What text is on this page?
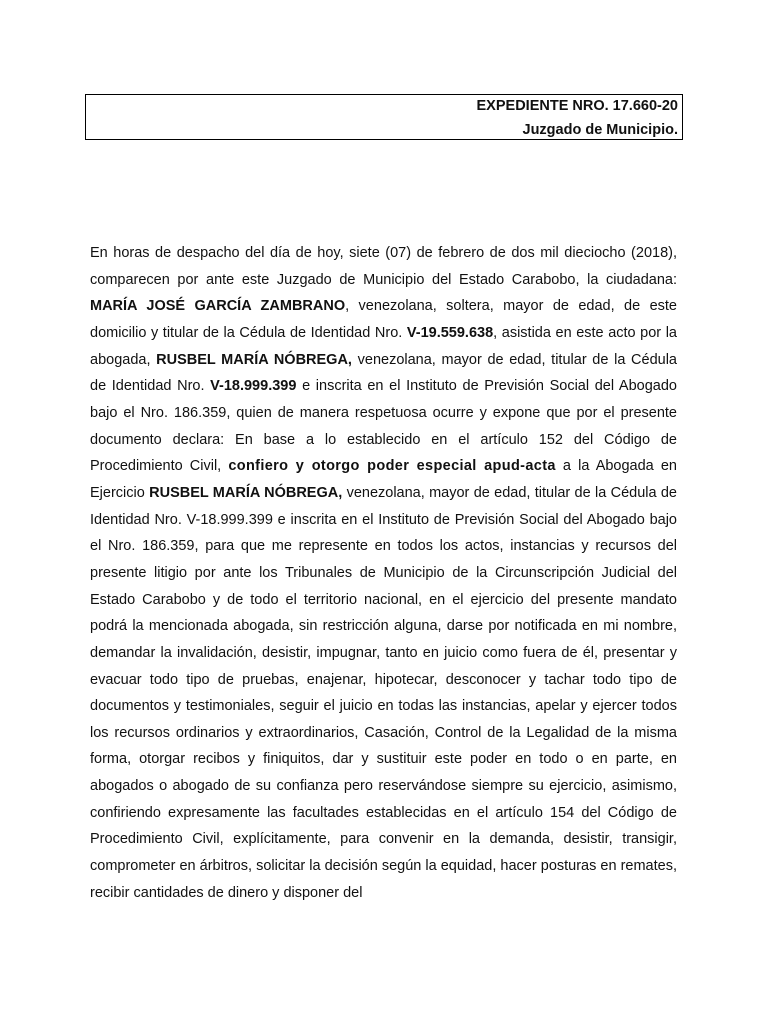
EXPEDIENTE NRO. 17.660-20
Juzgado de Municipio.

En horas de despacho del día de hoy, siete (07) de febrero de dos mil dieciocho (2018), comparecen por ante este Juzgado de Municipio del Estado Carabobo, la ciudadana: MARÍA JOSÉ GARCÍA ZAMBRANO, venezolana, soltera, mayor de edad, de este domicilio y titular de la Cédula de Identidad Nro. V-19.559.638, asistida en este acto por la abogada, RUSBEL MARÍA NÓBREGA, venezolana, mayor de edad, titular de la Cédula de Identidad Nro. V-18.999.399 e inscrita en el Instituto de Previsión Social del Abogado bajo el Nro. 186.359, quien de manera respetuosa ocurre y expone que por el presente documento declara: En base a lo establecido en el artículo 152 del Código de Procedimiento Civil, confiero y otorgo poder especial apud-acta a la Abogada en Ejercicio RUSBEL MARÍA NÓBREGA, venezolana, mayor de edad, titular de la Cédula de Identidad Nro. V-18.999.399 e inscrita en el Instituto de Previsión Social del Abogado bajo el Nro. 186.359, para que me represente en todos los actos, instancias y recursos del presente litigio por ante los Tribunales de Municipio de la Circunscripción Judicial del Estado Carabobo y de todo el territorio nacional, en el ejercicio del presente mandato podrá la mencionada abogada, sin restricción alguna, darse por notificada en mi nombre, demandar la invalidación, desistir, impugnar, tanto en juicio como fuera de él, presentar y evacuar todo tipo de pruebas, enajenar, hipotecar, desconocer y tachar todo tipo de documentos y testimoniales, seguir el juicio en todas las instancias, apelar y ejercer todos los recursos ordinarios y extraordinarios, Casación, Control de la Legalidad de la misma forma, otorgar recibos y finiquitos, dar y sustituir este poder en todo o en parte, en abogados o abogado de su confianza pero reservándose siempre su ejercicio, asimismo, confiriendo expresamente las facultades establecidas en el artículo 154 del Código de Procedimiento Civil, explícitamente, para convenir en la demanda, desistir, transigir, comprometer en árbitros, solicitar la decisión según la equidad, hacer posturas en remates, recibir cantidades de dinero y disponer del
